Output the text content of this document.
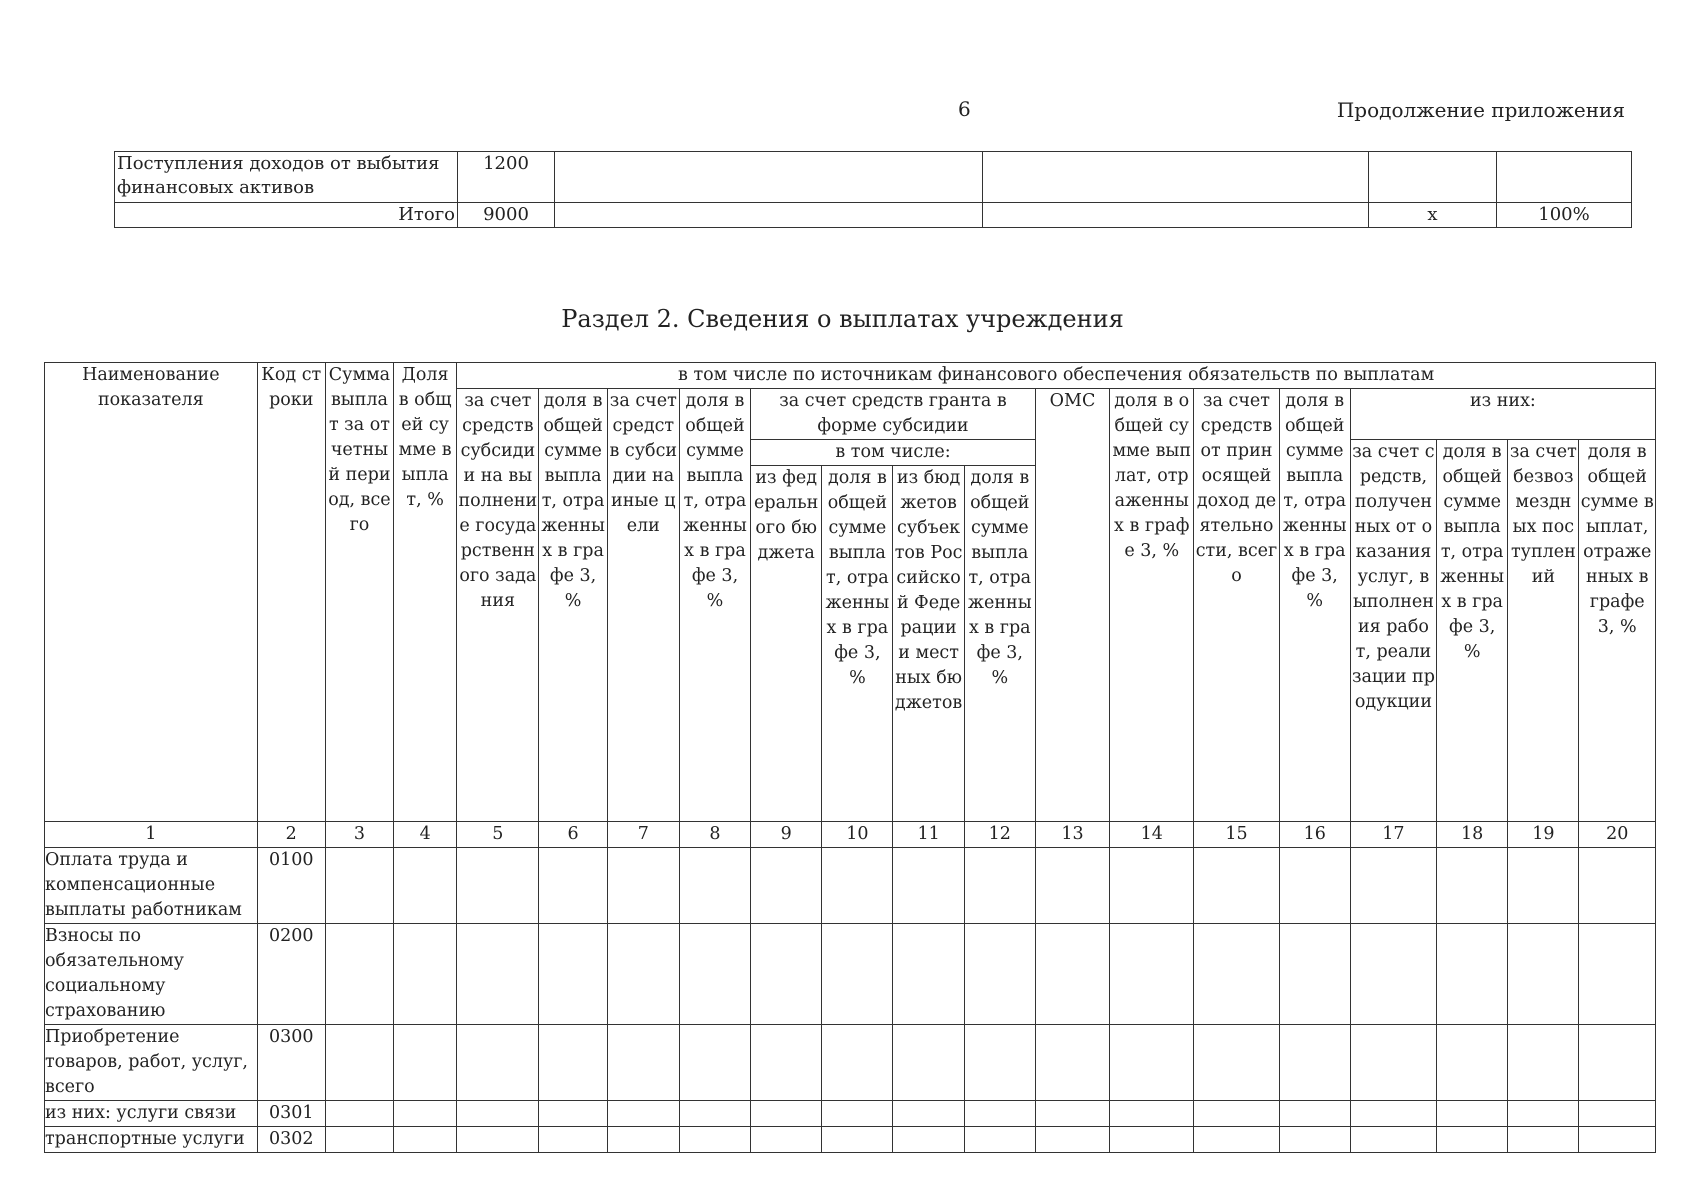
6	Продолжение приложения
Поступления доходов от выбытия финансовых активов	1200				
Итого	9000			х	100%
Раздел 2. Сведения о выплатах учреждения
Наименование показателя	Код строки	Сумма выплат за отчетный период, всего	Доля в общей сумме выплат, %	в том числе по источникам финансового обеспечения обязательств по выплатам															
				за счет средств субсидии на выполнение государственного задания	доля в общей сумме выплат, отраженных в графе 3, %	за счет средств субсидии на иные цели	доля в общей сумме выплат, отраженных в графе 3, %	за счет средств гранта в форме субсидии				ОМС	доля в общей сумме выплат, отраженных в графе 3, %	за счет средств от приносящей доход деятельности, всего	доля в общей сумме выплат, отраженных в графе 3, %	из них:			
								в том числе:								за счет средств, полученных от оказания услуг, выполнения работ, реализации продукции	доля в общей сумме выплат, отраженных в графе 3, %	за счет безвозмездных поступлений	доля в общей сумме выплат, отраженных в графе 3, %
								из федерального бюджета	доля в общей сумме выплат, отраженных в графе 3, %	из бюджетов субъектов Российской Федерации и местных бюджетов	доля в общей сумме выплат, отраженных в графе 3, %								

1	2	3	4	5	6	7	8	9	10	11	12	13	14	15	16	17	18	19	20
Оплата труда и компенсационные выплаты работникам	0100																		
Взносы по обязательному социальному страхованию	0200																		
Приобретение товаров, работ, услуг, всего	0300																		
из них: услуги связи	0301																		
транспортные услуги	0302																		
